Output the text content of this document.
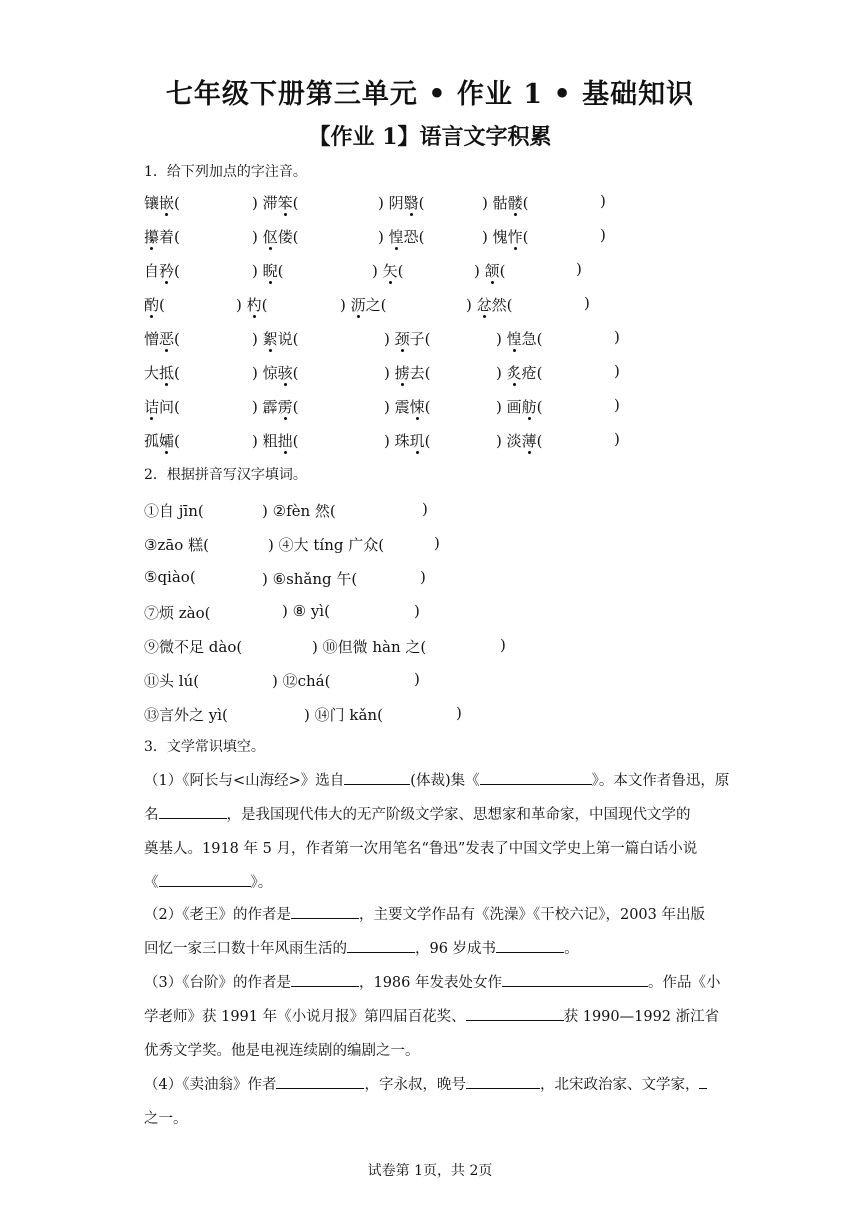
七年级下册第三单元 • 作业 1 • 基础知识
【作业 1】语言文字积累
1．给下列加点的字注音。
镶嵌(	) 滞笨(	) 阴翳(	) 骷髅(	)
攥着(	) 伛偻(	) 惶恐(	) 愧怍(	)
自矜(	) 睨(	) 矢(	) 颔(	)
酌(	) 杓(	) 沥之(	) 忿然(	)
憎恶(	) 絮说(	) 颈子(	) 惶急(	)
大抵(	) 惊骇(	) 掳去(	) 炙疮(	)
诘问(	) 霹雳(	) 震悚(	) 画舫(	)
孤孀(	) 粗拙(	) 珠玑(	) 淡薄(	)
2．根据拼音写汉字填词。
①自 jīn(	) ②fèn 然(	)
③zāo 糕(	) ④大 tíng 广众(	)
⑤qiào(	) ⑥shǎng 午(	)
⑦烦 zào(	) ⑧ yì(	)
⑨微不足 dào(	) ⑩但微 hàn 之(	)
⑪头 lú(	) ⑫chá(	)
⑬言外之 yì(	) ⑭门 kǎn(	)
3．文学常识填空。

（1）《阿长与<山海经>》选自	(体裁)集《	》。本文作者鲁迅，原

名	，是我国现代伟大的无产阶级文学家、思想家和革命家，中国现代文学的

奠基人。1918 年 5 月，作者第一次用笔名“鲁迅”发表了中国文学史上第一篇白话小说

《	》。

（2）《老王》的作者是	，主要文学作品有《洗澡》《干校六记》，2003 年出版

回忆一家三口数十年风雨生活的	，96 岁成书	。

（3）《台阶》的作者是	，1986 年发表处女作	。作品《小

学老师》获 1991 年《小说月报》第四届百花奖、	获 1990—1992 浙江省

优秀文学奖。他是电视连续剧的编剧之一。

（4）《卖油翁》作者	，字永叔，晚号	，北宋政治家、文学家，

之一。

试卷第 1页，共 2页
